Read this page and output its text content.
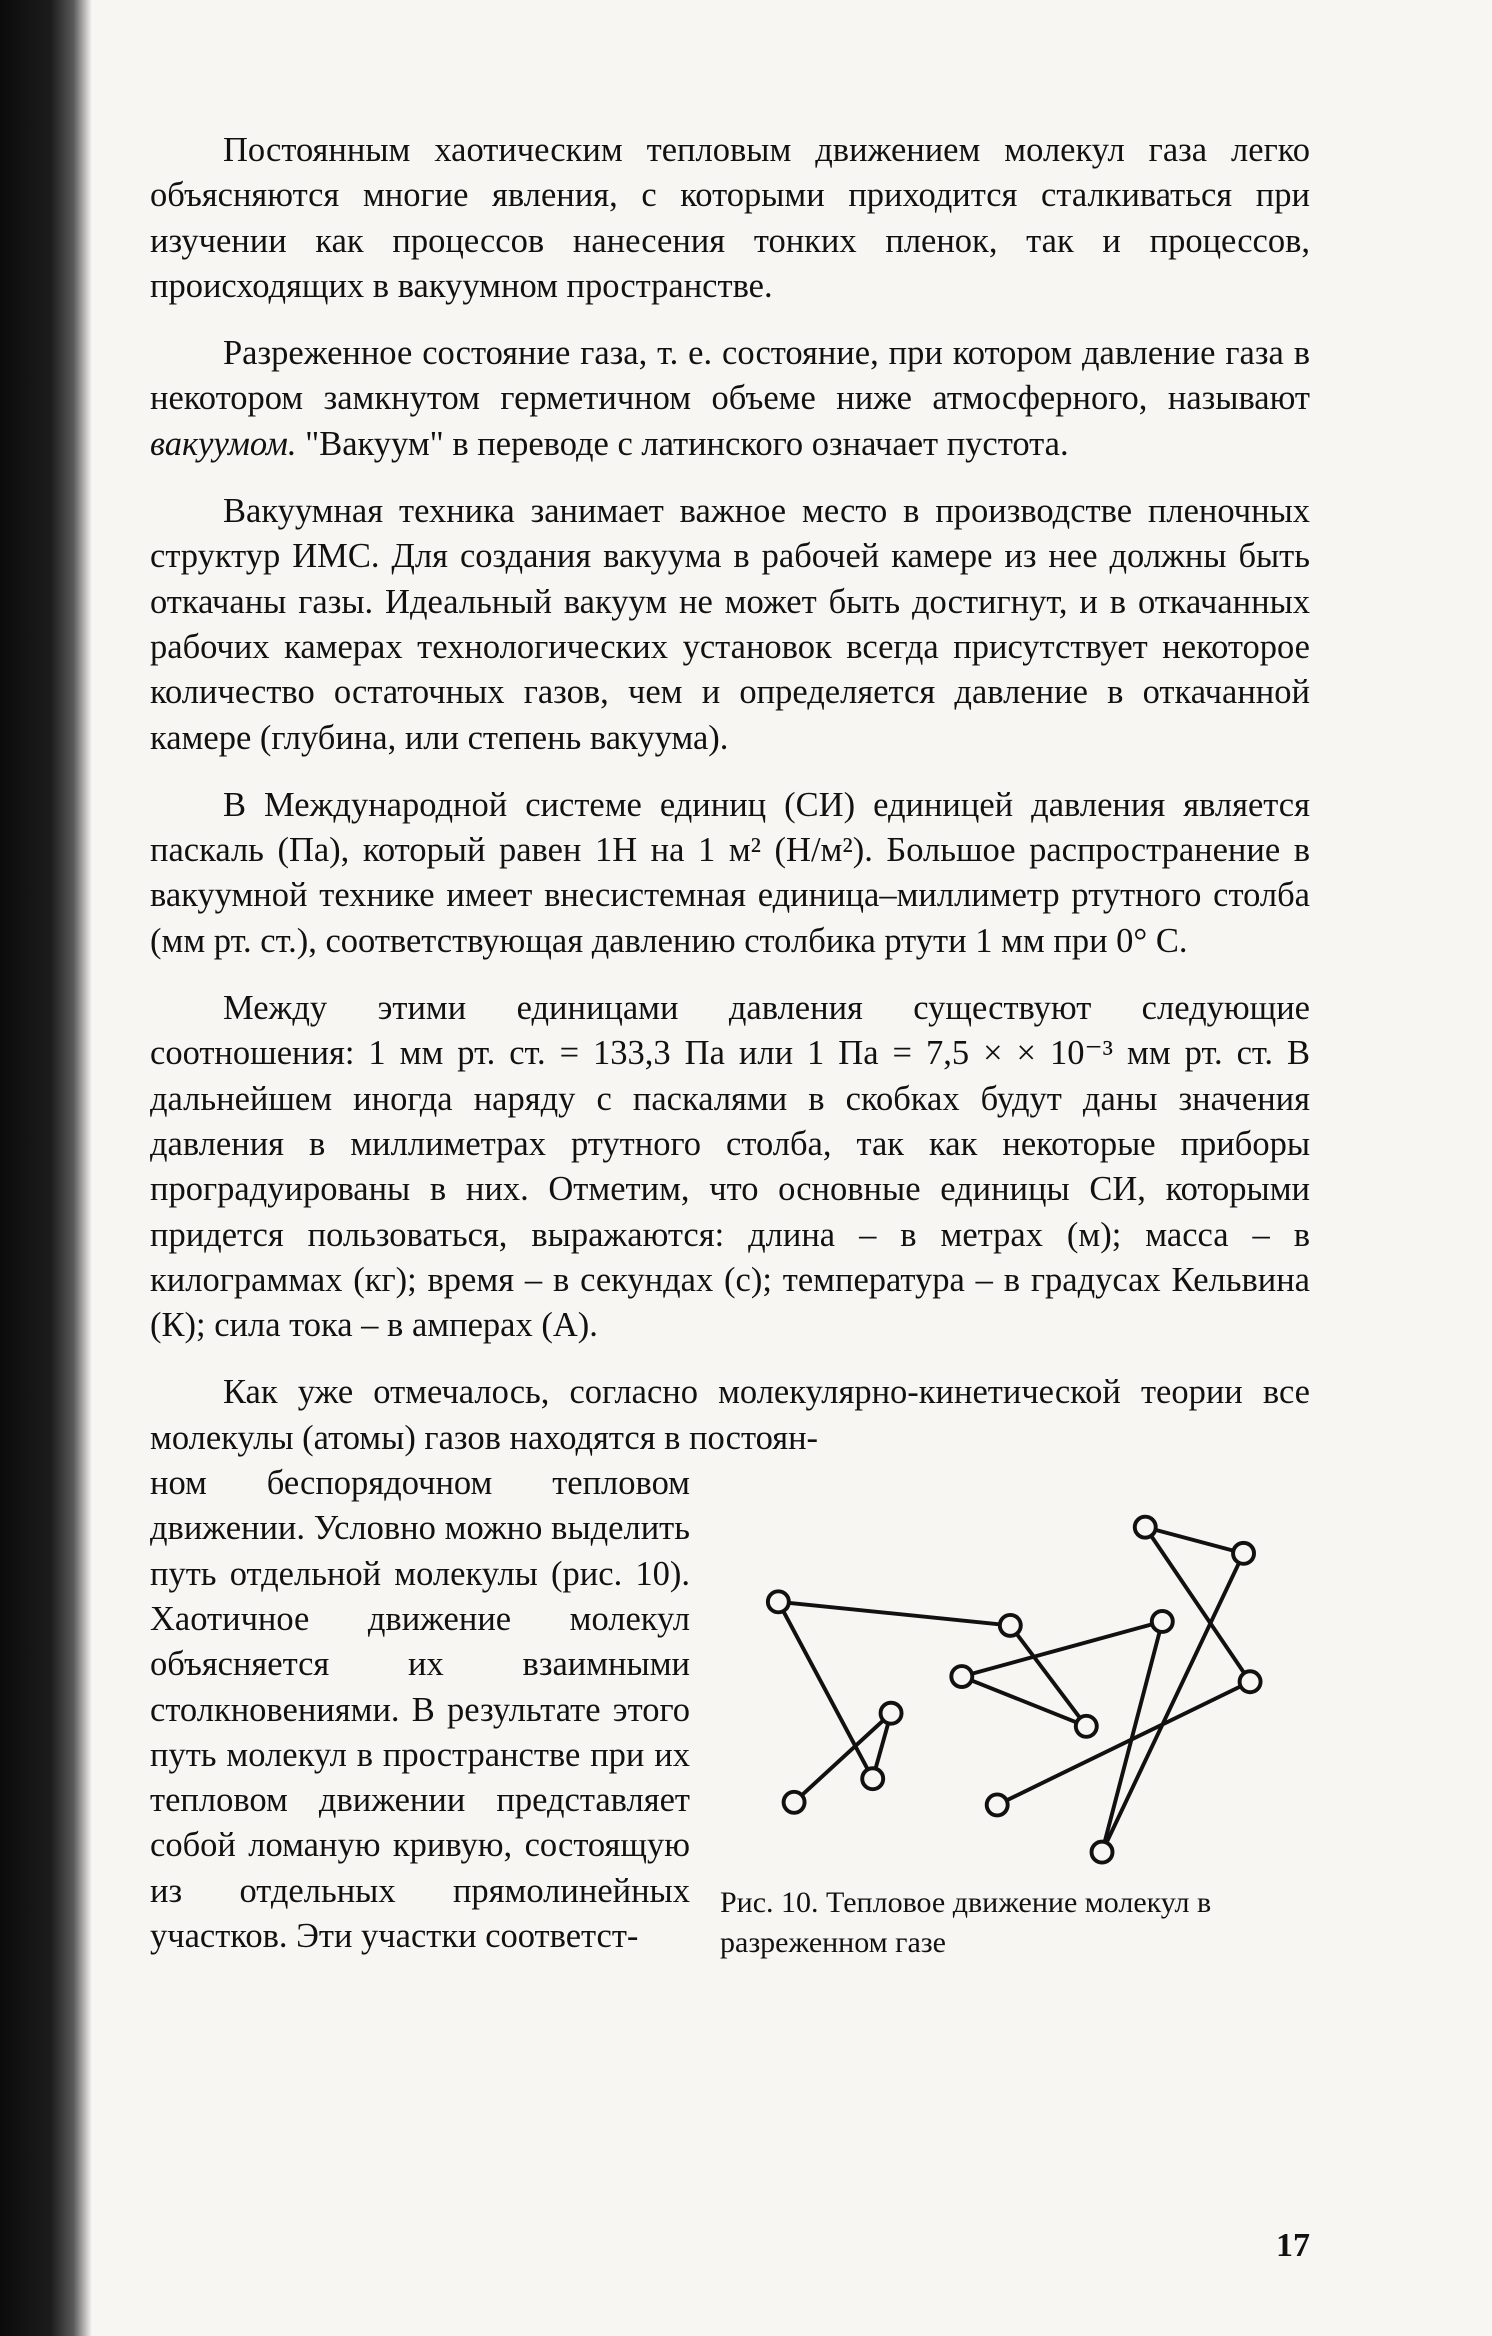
Постоянным хаотическим тепловым движением молекул газа легко объясняются многие явления, с которыми приходится сталкиваться при изучении как процессов нанесения тонких пленок, так и процессов, происходящих в вакуумном пространстве.

Разреженное состояние газа, т. е. состояние, при котором давление газа в некотором замкнутом герметичном объеме ниже атмосферного, называют вакуумом. "Вакуум" в переводе с латинского означает пустота.

Вакуумная техника занимает важное место в производстве пленочных структур ИМС. Для создания вакуума в рабочей камере из нее должны быть откачаны газы. Идеальный вакуум не может быть достигнут, и в откачанных рабочих камерах технологических установок всегда присутствует некоторое количество остаточных газов, чем и определяется давление в откачанной камере (глубина, или степень вакуума).

В Международной системе единиц (СИ) единицей давления является паскаль (Па), который равен 1Н на 1 м² (Н/м²). Большое распространение в вакуумной технике имеет внесистемная единица–миллиметр ртутного столба (мм рт. ст.), соответствующая давлению столбика ртути 1 мм при 0° С.

Между этими единицами давления существуют следующие соотношения: 1 мм рт. ст. = 133,3 Па или 1 Па = 7,5 × × 10⁻³ мм рт. ст. В дальнейшем иногда наряду с паскалями в скобках будут даны значения давления в миллиметрах ртутного столба, так как некоторые приборы проградуированы в них. Отметим, что основные единицы СИ, которыми придется пользоваться, выражаются: длина – в метрах (м); масса – в килограммах (кг); время – в секундах (с); температура – в градусах Кельвина (К); сила тока – в амперах (А).

Как уже отмечалось, согласно молекулярно-кинетической теории все молекулы (атомы) газов находятся в постоян-

ном беспорядочном тепловом движении. Условно можно выделить путь отдельной молекулы (рис. 10). Хаотичное движение молекул объясняется их взаимными столкновениями. В результате этого путь молекул в пространстве при их тепловом движении представляет собой ломаную кривую, состоящую из отдельных прямолинейных участков. Эти участки соответст-

Рис. 10. Тепловое движение молекул в разреженном газе
17
